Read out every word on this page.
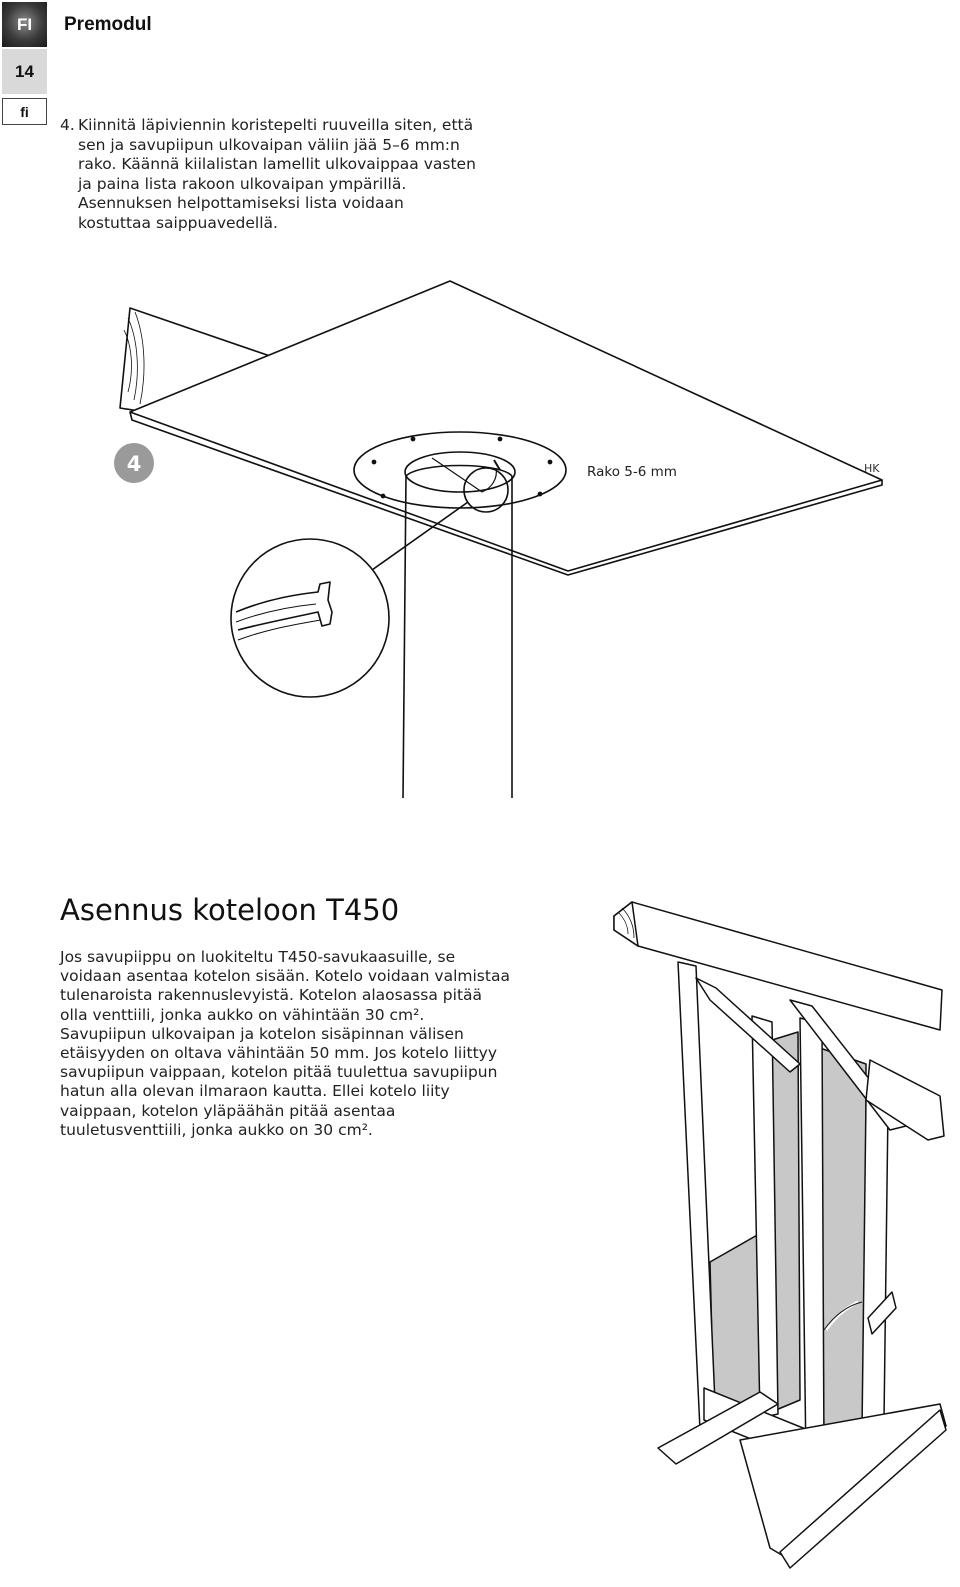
FI
14
fi
Premodul
4. Kiinnitä läpiviennin koristepelti ruuveilla siten, että sen ja savupiipun ulkovaipan väliin jää 5–6 mm:n rako. Käännä kiilalistan lamellit ulkovaippaa vasten ja paina lista rakoon ulkovaipan ympärillä. Asennuksen helpottamiseksi lista voidaan kostuttaa saippuavedellä.
4	Rako 5-6 mm	HK
Asennus koteloon T450
Jos savupiippu on luokiteltu T450-savukaasuille, se voidaan asentaa kotelon sisään. Kotelo voidaan valmistaa tulenaroista rakennuslevyistä. Kotelon alaosassa pitää olla venttiili, jonka aukko on vähintään 30 cm². Savupiipun ulkovaipan ja kotelon sisäpinnan välisen etäisyyden on oltava vähintään 50 mm. Jos kotelo liittyy savupiipun vaippaan, kotelon pitää tuulettua savupiipun hatun alla olevan ilmaraon kautta. Ellei kotelo liity vaippaan, kotelon yläpäähän pitää asentaa tuuletusventtiili, jonka aukko on 30 cm².
